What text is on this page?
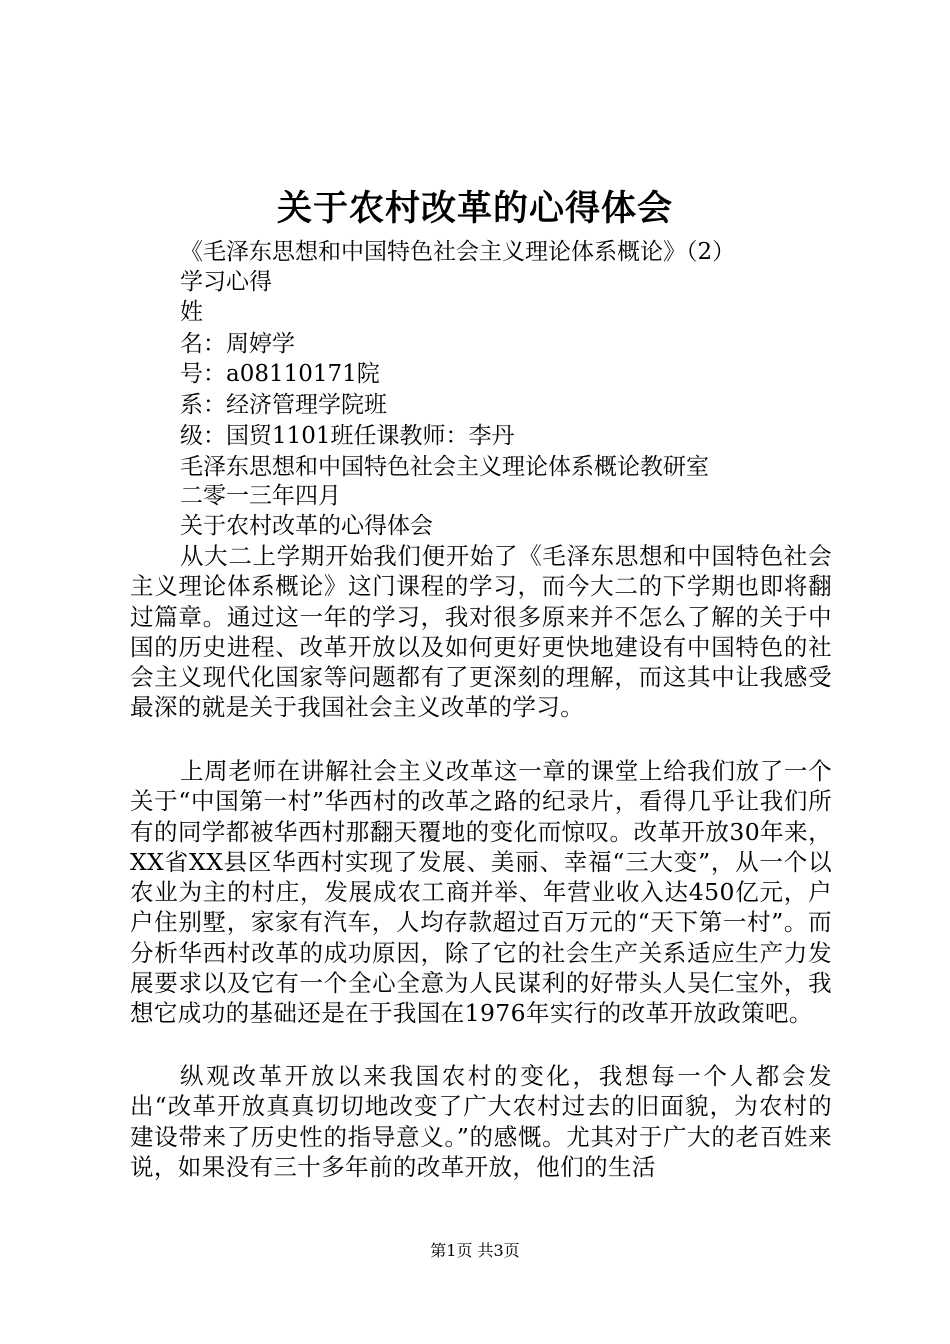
关于农村改革的心得体会

《毛泽东思想和中国特色社会主义理论体系概论》（2）

学习心得

姓

名：周婷学

号：a08110171院

系：经济管理学院班

级：国贸1101班任课教师：李丹

毛泽东思想和中国特色社会主义理论体系概论教研室

二零一三年四月

关于农村改革的心得体会

从大二上学期开始我们便开始了《毛泽东思想和中国特色社会主义理论体系概论》这门课程的学习，而今大二的下学期也即将翻过篇章。通过这一年的学习，我对很多原来并不怎么了解的关于中国的历史进程、改革开放以及如何更好更快地建设有中国特色的社会主义现代化国家等问题都有了更深刻的理解，而这其中让我感受最深的就是关于我国社会主义改革的学习。

上周老师在讲解社会主义改革这一章的课堂上给我们放了一个关于“中国第一村”华西村的改革之路的纪录片，看得几乎让我们所有的同学都被华西村那翻天覆地的变化而惊叹。改革开放30年来，XX省XX县区华西村实现了发展、美丽、幸福“三大变”，从一个以农业为主的村庄，发展成农工商并举、年营业收入达450亿元，户户住别墅，家家有汽车，人均存款超过百万元的“天下第一村”。而分析华西村改革的成功原因，除了它的社会生产关系适应生产力发展要求以及它有一个全心全意为人民谋利的好带头人吴仁宝外，我想它成功的基础还是在于我国在1976年实行的改革开放政策吧。

纵观改革开放以来我国农村的变化，我想每一个人都会发出“改革开放真真切切地改变了广大农村过去的旧面貌，为农村的建设带来了历史性的指导意义。”的感慨。尤其对于广大的老百姓来说，如果没有三十多年前的改革开放，他们的生活

第1页 共3页
